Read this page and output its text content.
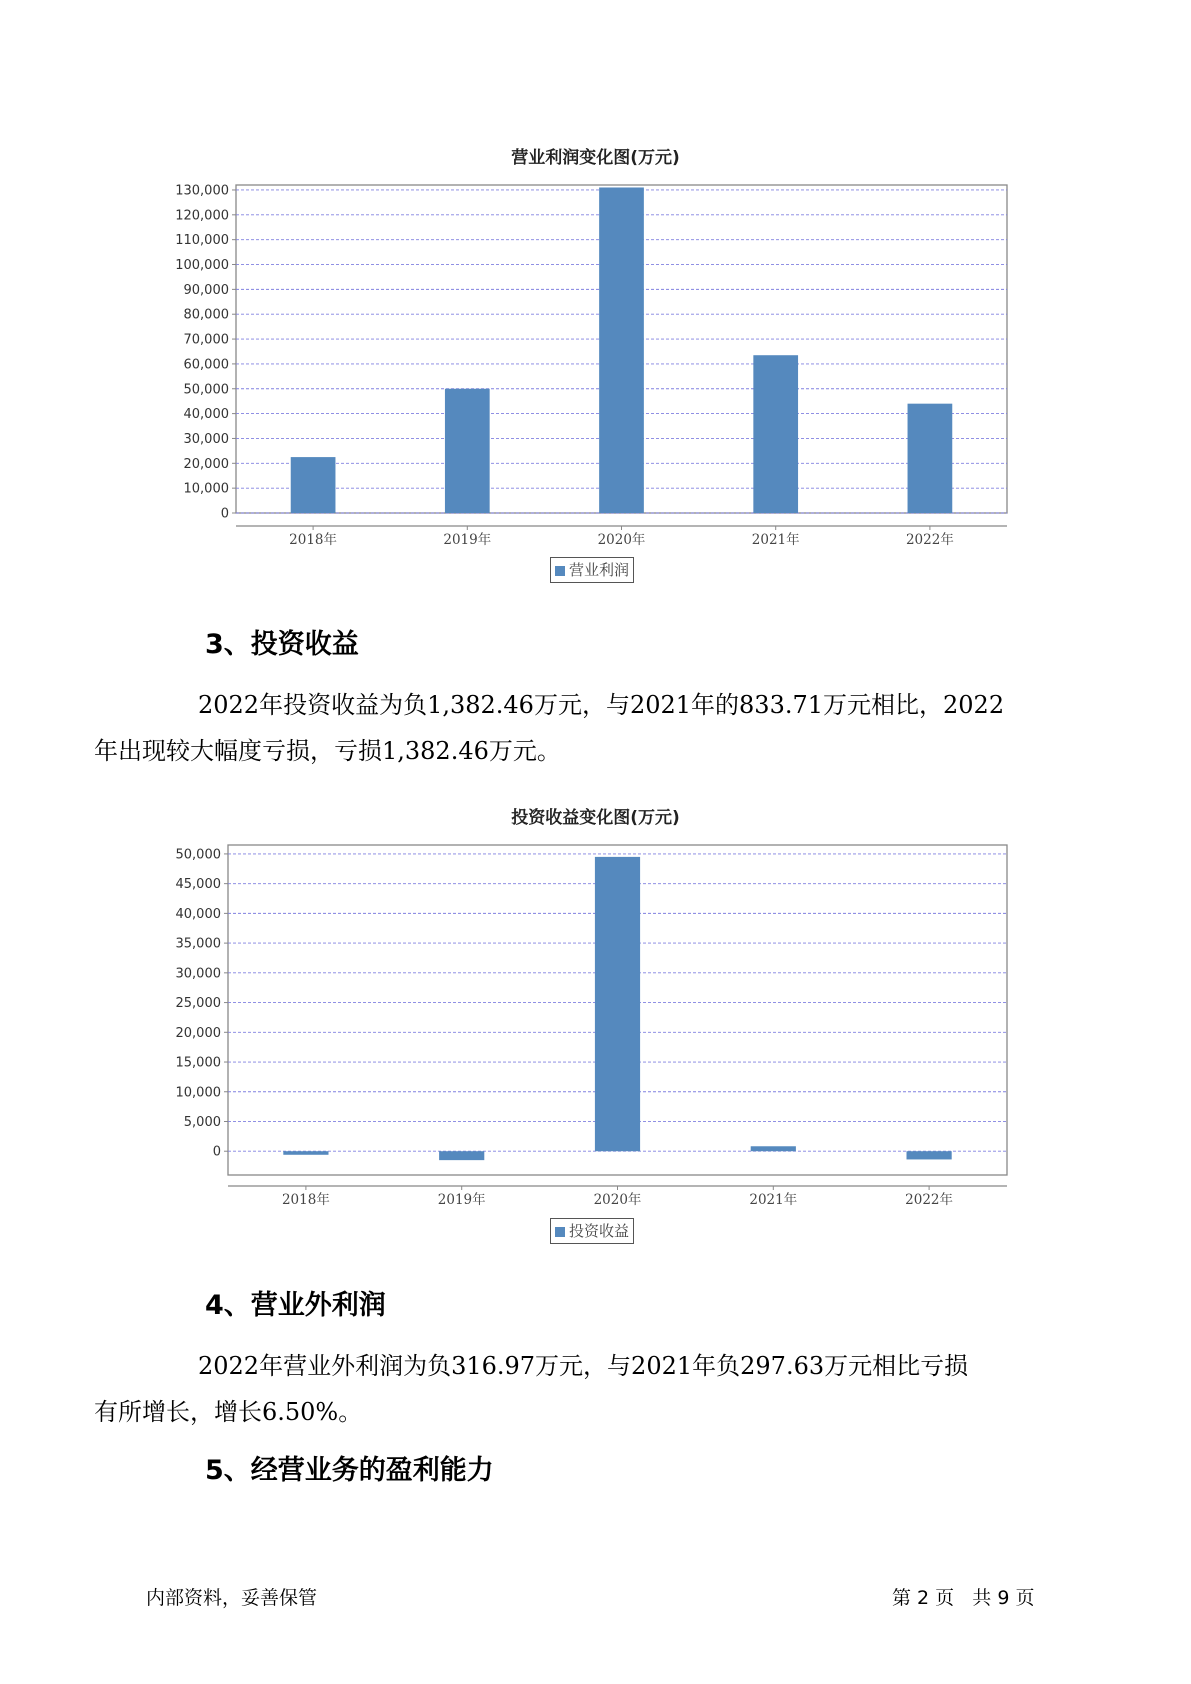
营业利润变化图(万元)
0
10,000
20,000
30,000
40,000
50,000
60,000
70,000
80,000
90,000
100,000
110,000
120,000
130,000
2018年	2019年	2020年	2021年	2022年
营业利润
3、投资收益
2022年投资收益为负1,382.46万元，与2021年的833.71万元相比，2022
年出现较大幅度亏损，亏损1,382.46万元。
投资收益变化图(万元)
0
5,000
10,000
15,000
20,000
25,000
30,000
35,000
40,000
45,000
50,000
2018年	2019年	2020年	2021年	2022年
投资收益
4、营业外利润
2022年营业外利润为负316.97万元，与2021年负297.63万元相比亏损
有所增长，增长6.50%。
5、经营业务的盈利能力
内部资料，妥善保管	第 2 页   共 9 页
